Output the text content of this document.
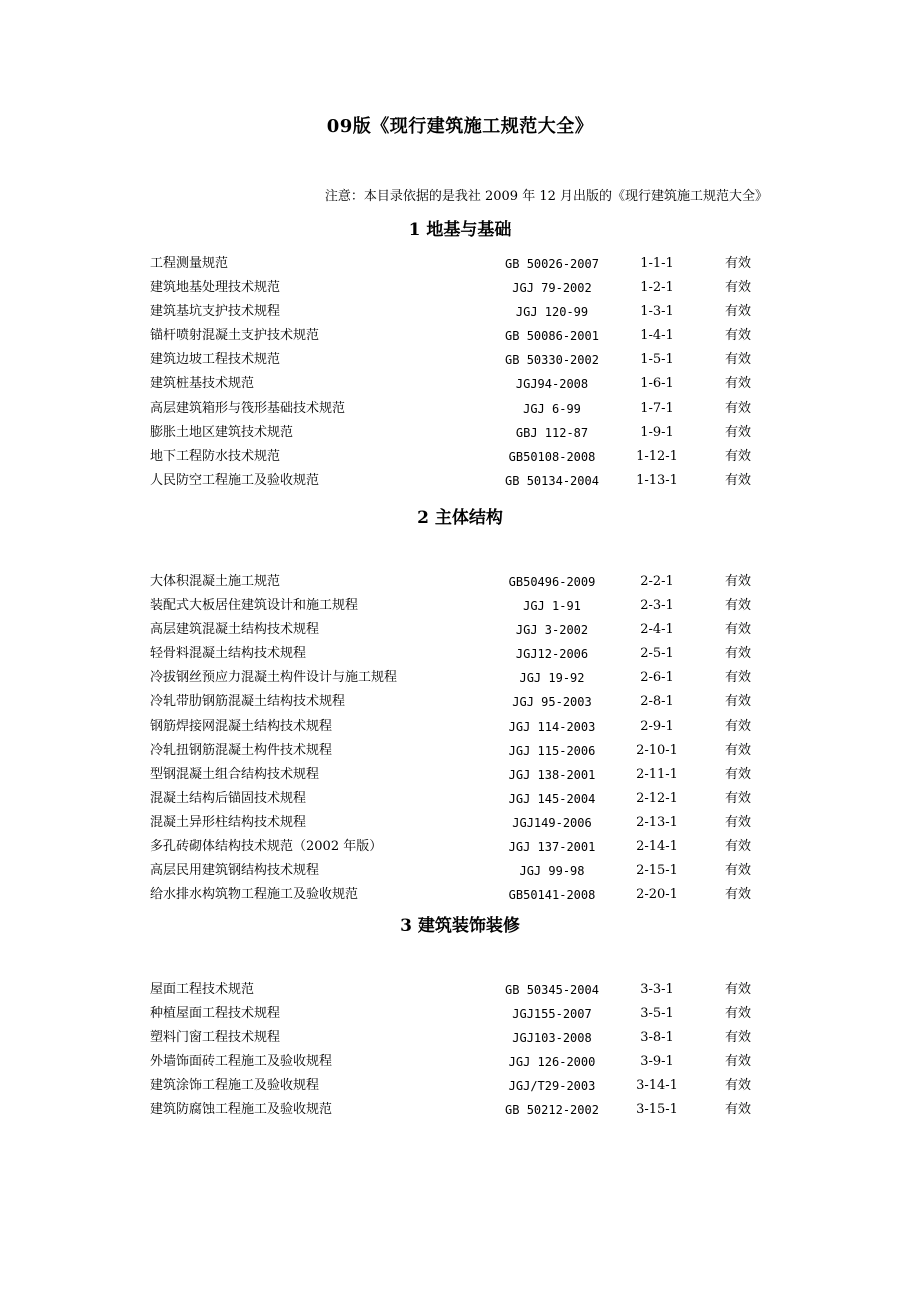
09版《现行建筑施工规范大全》
注意：本目录依据的是我社 2009 年 12 月出版的《现行建筑施工规范大全》
1 地基与基础
工程测量规范	GB 50026-2007	1-1-1	有效
建筑地基处理技术规范	JGJ 79-2002	1-2-1	有效
建筑基坑支护技术规程	JGJ 120-99	1-3-1	有效
锚杆喷射混凝土支护技术规范	GB 50086-2001	1-4-1	有效
建筑边坡工程技术规范	GB 50330-2002	1-5-1	有效
建筑桩基技术规范	JGJ94-2008	1-6-1	有效
高层建筑箱形与筏形基础技术规范	JGJ 6-99	1-7-1	有效
膨胀土地区建筑技术规范	GBJ 112-87	1-9-1	有效
地下工程防水技术规范	GB50108-2008	1-12-1	有效
人民防空工程施工及验收规范	GB 50134-2004	1-13-1	有效
2 主体结构
大体积混凝土施工规范	GB50496-2009	2-2-1	有效
装配式大板居住建筑设计和施工规程	JGJ 1-91	2-3-1	有效
高层建筑混凝土结构技术规程	JGJ 3-2002	2-4-1	有效
轻骨料混凝土结构技术规程	JGJ12-2006	2-5-1	有效
冷拔钢丝预应力混凝土构件设计与施工规程	JGJ 19-92	2-6-1	有效
冷轧带肋钢筋混凝土结构技术规程	JGJ 95-2003	2-8-1	有效
钢筋焊接网混凝土结构技术规程	JGJ 114-2003	2-9-1	有效
冷轧扭钢筋混凝土构件技术规程	JGJ 115-2006	2-10-1	有效
型钢混凝土组合结构技术规程	JGJ 138-2001	2-11-1	有效
混凝土结构后锚固技术规程	JGJ 145-2004	2-12-1	有效
混凝土异形柱结构技术规程	JGJ149-2006	2-13-1	有效
多孔砖砌体结构技术规范（2002 年版）	JGJ 137-2001	2-14-1	有效
高层民用建筑钢结构技术规程	JGJ 99-98	2-15-1	有效
给水排水构筑物工程施工及验收规范	GB50141-2008	2-20-1	有效
3 建筑装饰装修
屋面工程技术规范	GB 50345-2004	3-3-1	有效
种植屋面工程技术规程	JGJ155-2007	3-5-1	有效
塑料门窗工程技术规程	JGJ103-2008	3-8-1	有效
外墙饰面砖工程施工及验收规程	JGJ 126-2000	3-9-1	有效
建筑涂饰工程施工及验收规程	JGJ/T29-2003	3-14-1	有效
建筑防腐蚀工程施工及验收规范	GB 50212-2002	3-15-1	有效
